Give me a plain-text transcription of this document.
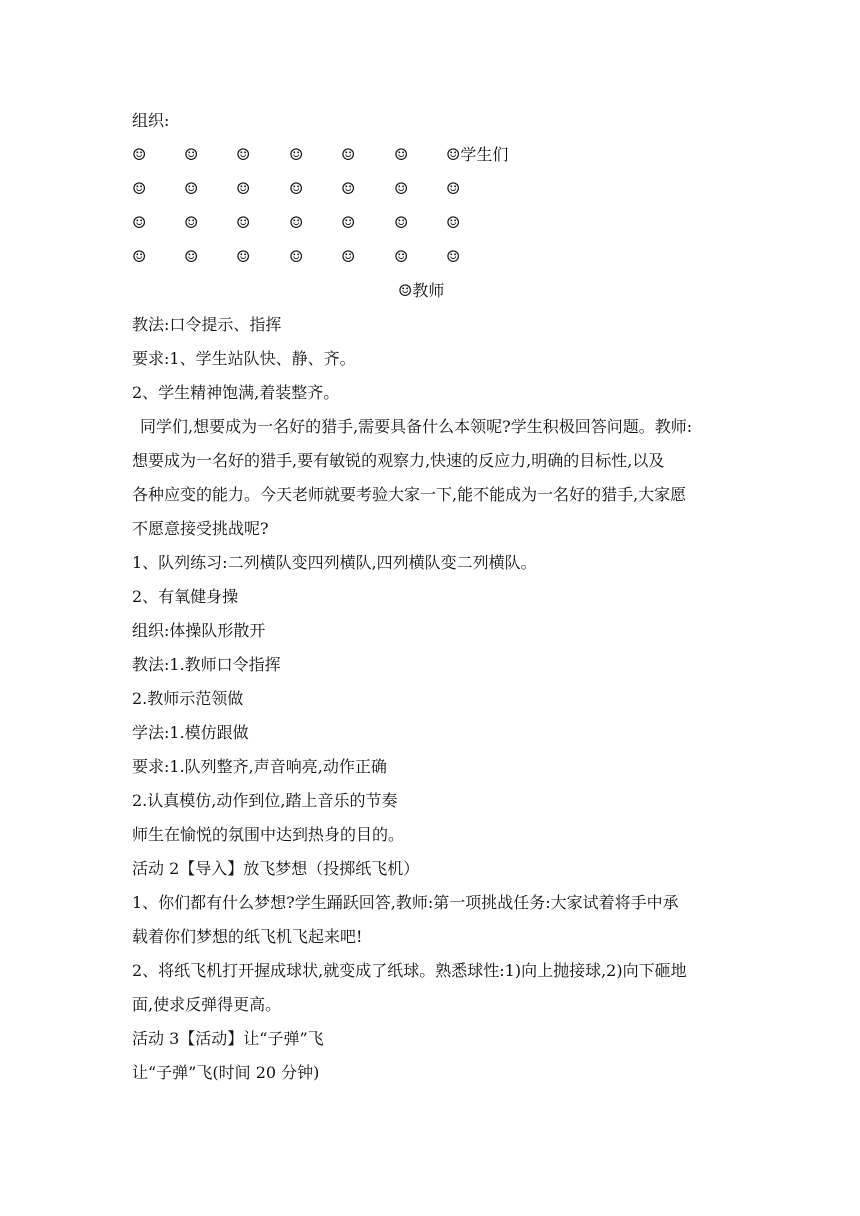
组织:
☺	☺	☺	☺	☺	☺	☺学生们
☺	☺	☺	☺	☺	☺	☺
☺	☺	☺	☺	☺	☺	☺
☺	☺	☺	☺	☺	☺	☺
☺教师
教法:口令提示、指挥
要求:1、学生站队快、静、齐。
2、学生精神饱满,着装整齐。
同学们,想要成为一名好的猎手,需要具备什么本领呢?学生积极回答问题。教师:
想要成为一名好的猎手,要有敏锐的观察力,快速的反应力,明确的目标性,以及
各种应变的能力。今天老师就要考验大家一下,能不能成为一名好的猎手,大家愿
不愿意接受挑战呢?
1、队列练习:二列横队变四列横队,四列横队变二列横队。
2、有氧健身操
组织:体操队形散开
教法:1.教师口令指挥
2.教师示范领做
学法:1.模仿跟做
要求:1.队列整齐,声音响亮,动作正确
2.认真模仿,动作到位,踏上音乐的节奏
师生在愉悦的氛围中达到热身的目的。
活动 2【导入】放飞梦想（投掷纸飞机）
1、你们都有什么梦想?学生踊跃回答,教师:第一项挑战任务:大家试着将手中承
载着你们梦想的纸飞机飞起来吧!
2、将纸飞机打开握成球状,就变成了纸球。熟悉球性:1)向上抛接球,2)向下砸地
面,使求反弹得更高。
活动 3【活动】让“子弹”飞
让“子弹”飞(时间 20 分钟)
